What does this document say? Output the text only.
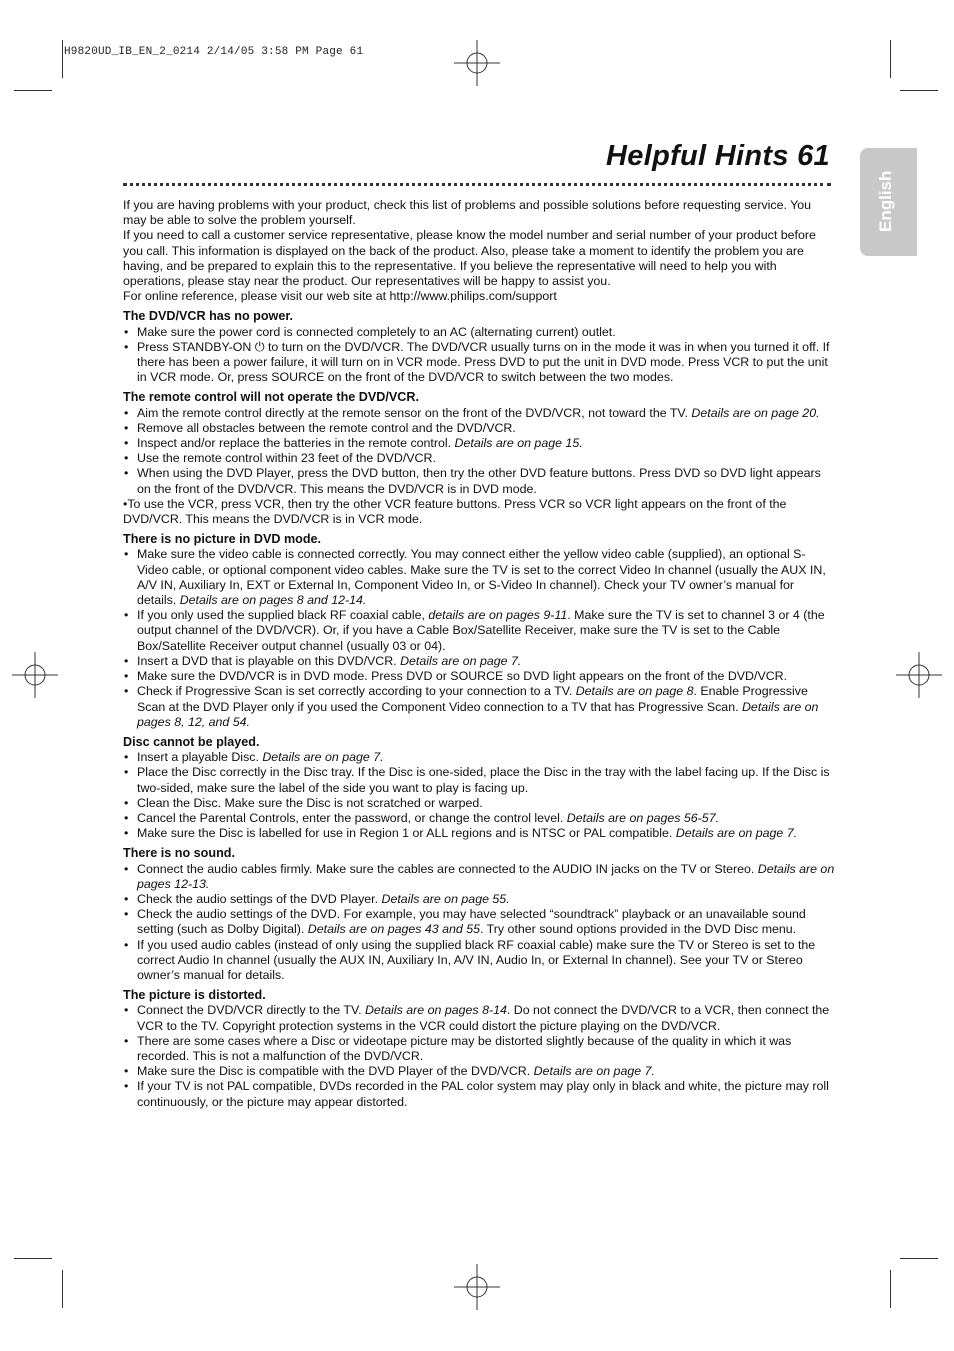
H9820UD_IB_EN_2_0214 2/14/05 3:58 PM Page 61
Helpful Hints 61
English

If you are having problems with your product, check this list of problems and possible solutions before requesting service. You may be able to solve the problem yourself.

If you need to call a customer service representative, please know the model number and serial number of your product before you call. This information is displayed on the back of the product. Also, please take a moment to identify the problem you are having, and be prepared to explain this to the representative. If you believe the representative will need to help you with operations, please stay near the product. Our representatives will be happy to assist you.

For online reference, please visit our web site at http://www.philips.com/support

The DVD/VCR has no power.
• Make sure the power cord is connected completely to an AC (alternating current) outlet.
• Press STANDBY-ON ⏻ to turn on the DVD/VCR. The DVD/VCR usually turns on in the mode it was in when you turned it off. If there has been a power failure, it will turn on in VCR mode. Press DVD to put the unit in DVD mode. Press VCR to put the unit in VCR mode. Or, press SOURCE on the front of the DVD/VCR to switch between the two modes.
The remote control will not operate the DVD/VCR.
• Aim the remote control directly at the remote sensor on the front of the DVD/VCR, not toward the TV. Details are on page 20.
• Remove all obstacles between the remote control and the DVD/VCR.
• Inspect and/or replace the batteries in the remote control. Details are on page 15.
• Use the remote control within 23 feet of the DVD/VCR.
• When using the DVD Player, press the DVD button, then try the other DVD feature buttons. Press DVD so DVD light appears on the front of the DVD/VCR. This means the DVD/VCR is in DVD mode.
•To use the VCR, press VCR, then try the other VCR feature buttons. Press VCR so VCR light appears on the front of the DVD/VCR. This means the DVD/VCR is in VCR mode.
There is no picture in DVD mode.
• Make sure the video cable is connected correctly. You may connect either the yellow video cable (supplied), an optional S-Video cable, or optional component video cables. Make sure the TV is set to the correct Video In channel (usually the AUX IN, A/V IN, Auxiliary In, EXT or External In, Component Video In, or S-Video In channel). Check your TV owner’s manual for details. Details are on pages 8 and 12-14.
• If you only used the supplied black RF coaxial cable, details are on pages 9-11. Make sure the TV is set to channel 3 or 4 (the output channel of the DVD/VCR). Or, if you have a Cable Box/Satellite Receiver, make sure the TV is set to the Cable Box/Satellite Receiver output channel (usually 03 or 04).
• Insert a DVD that is playable on this DVD/VCR. Details are on page 7.
• Make sure the DVD/VCR is in DVD mode. Press DVD or SOURCE so DVD light appears on the front of the DVD/VCR.
• Check if Progressive Scan is set correctly according to your connection to a TV. Details are on page 8. Enable Progressive Scan at the DVD Player only if you used the Component Video connection to a TV that has Progressive Scan. Details are on pages 8, 12, and 54.
Disc cannot be played.
• Insert a playable Disc. Details are on page 7.
• Place the Disc correctly in the Disc tray. If the Disc is one-sided, place the Disc in the tray with the label facing up. If the Disc is two-sided, make sure the label of the side you want to play is facing up.
• Clean the Disc. Make sure the Disc is not scratched or warped.
• Cancel the Parental Controls, enter the password, or change the control level. Details are on pages 56-57.
• Make sure the Disc is labelled for use in Region 1 or ALL regions and is NTSC or PAL compatible. Details are on page 7.
There is no sound.
• Connect the audio cables firmly. Make sure the cables are connected to the AUDIO IN jacks on the TV or Stereo. Details are on pages 12-13.
• Check the audio settings of the DVD Player. Details are on page 55.
• Check the audio settings of the DVD. For example, you may have selected “soundtrack” playback or an unavailable sound setting (such as Dolby Digital). Details are on pages 43 and 55. Try other sound options provided in the DVD Disc menu.
• If you used audio cables (instead of only using the supplied black RF coaxial cable) make sure the TV or Stereo is set to the correct Audio In channel (usually the AUX IN, Auxiliary In, A/V IN, Audio In, or External In channel). See your TV or Stereo owner’s manual for details.
The picture is distorted.
• Connect the DVD/VCR directly to the TV. Details are on pages 8-14. Do not connect the DVD/VCR to a VCR, then connect the VCR to the TV. Copyright protection systems in the VCR could distort the picture playing on the DVD/VCR.
• There are some cases where a Disc or videotape picture may be distorted slightly because of the quality in which it was recorded. This is not a malfunction of the DVD/VCR.
• Make sure the Disc is compatible with the DVD Player of the DVD/VCR. Details are on page 7.
• If your TV is not PAL compatible, DVDs recorded in the PAL color system may play only in black and white, the picture may roll continuously, or the picture may appear distorted.
